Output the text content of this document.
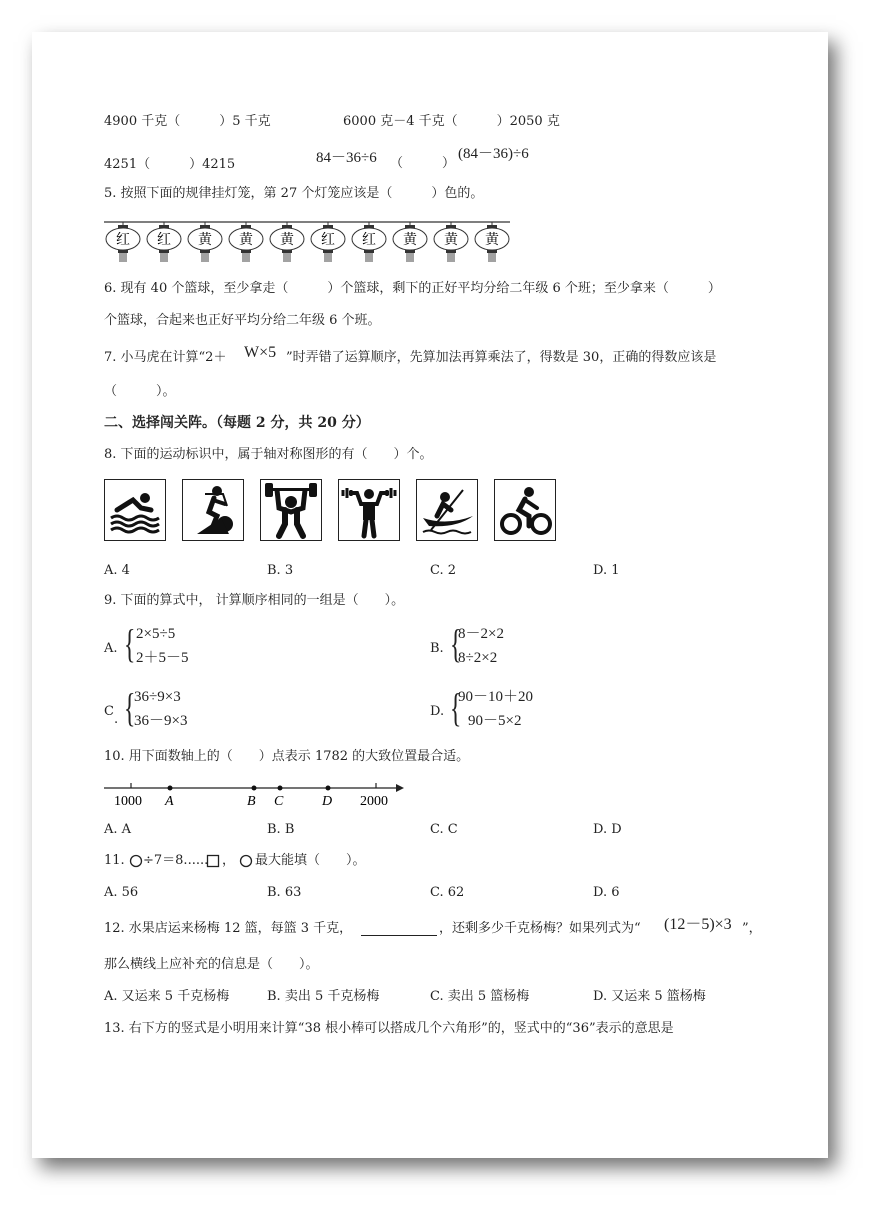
4900 千克（　　　）5 千克	6000 克－4 千克（　　　）2050 克
4251（　　　）4215	84－36÷6 （　　　）
(84－36)÷6
5. 按照下面的规律挂灯笼，第 27 个灯笼应该是（　　　）色的。
红 红 黄 黄 黄 红 红 黄 黄 黄
6. 现有 40 个篮球，至少拿走（　　　）个篮球，剩下的正好平均分给二年级 6 个班；至少拿来（　　　）
个篮球，合起来也正好平均分给二年级 6 个班。
7. 小马虎在计算“2＋ W×5 ”时弄错了运算顺序，先算加法再算乘法了，得数是 30，正确的得数应该是
（　　　）。
二、选择闯关阵。（每题 2 分，共 20 分）
8. 下面的运动标识中，属于轴对称图形的有（　　）个。
A. 4	B. 3	C. 2	D. 1
9. 下面的算式中， 计算顺序相同的一组是（　　）。
A. { 2×5÷5
2＋5－5
B. {
8－2×2
8÷2×2
C
. {
36÷9×3
36－9×3
D. {
90－10＋20
90－5×2
10. 用下面数轴上的（　　）点表示 1782 的大致位置最合适。
1000	2000
A	B C	D
A. A	B. B	C. C	D. D
11. ÷7＝8...... ， 最大能填（　　）。
A. 56	B. 63	C. 62	D. 6
12. 水果店运来杨梅 12 篮，每篮 3 千克，	，还剩多少千克杨梅？如果列式为“ (12－5)×3 ”，
那么横线上应补充的信息是（　　）。
A. 又运来 5 千克杨梅	B. 卖出 5 千克杨梅	C. 卖出 5 篮杨梅	D. 又运来 5 篮杨梅
13. 右下方的竖式是小明用来计算“38 根小棒可以搭成几个六角形”的，竖式中的“36”表示的意思是
